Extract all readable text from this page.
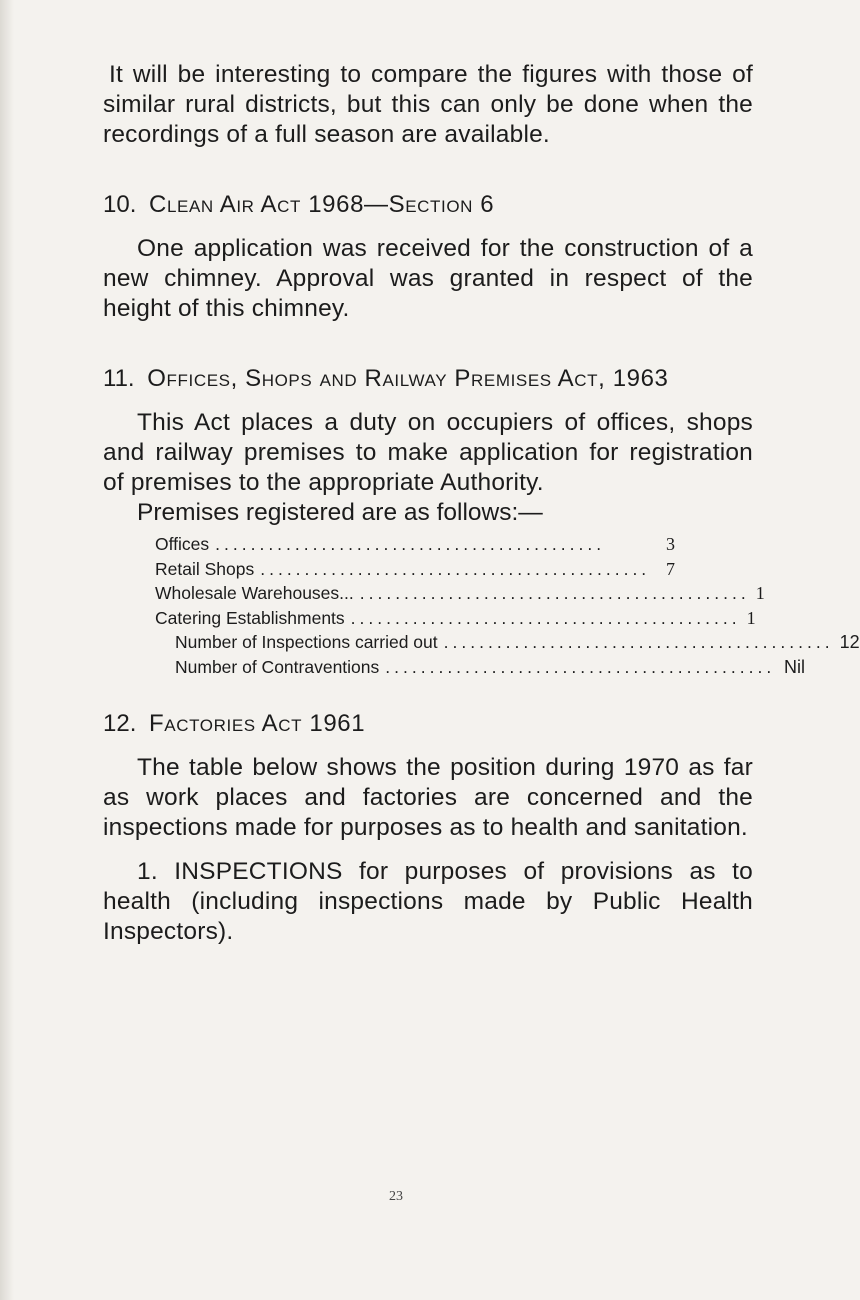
It will be interesting to compare the figures with those of similar rural districts, but this can only be done when the recordings of a full season are available.

10. Clean Air Act 1968—Section 6

One application was received for the construction of a new chimney. Approval was granted in respect of the height of this chimney.

11. Offices, Shops and Railway Premises Act, 1963

This Act places a duty on occupiers of offices, shops and railway premises to make application for registration of premises to the appropriate Authority.

Premises registered are as follows:—
Offices ............................................	3
Retail Shops ............................................ 7
Wholesale Warehouses... ............................................ 1
Catering Establishments ............................................ 1
Number of Inspections carried out ............................................ 12
Number of Contraventions ............................................ Nil
12. Factories Act 1961

The table below shows the position during 1970 as far as work places and factories are concerned and the inspections made for purposes as to health and sanitation.

1. INSPECTIONS for purposes of provisions as to health (including inspections made by Public Health Inspectors).

23
